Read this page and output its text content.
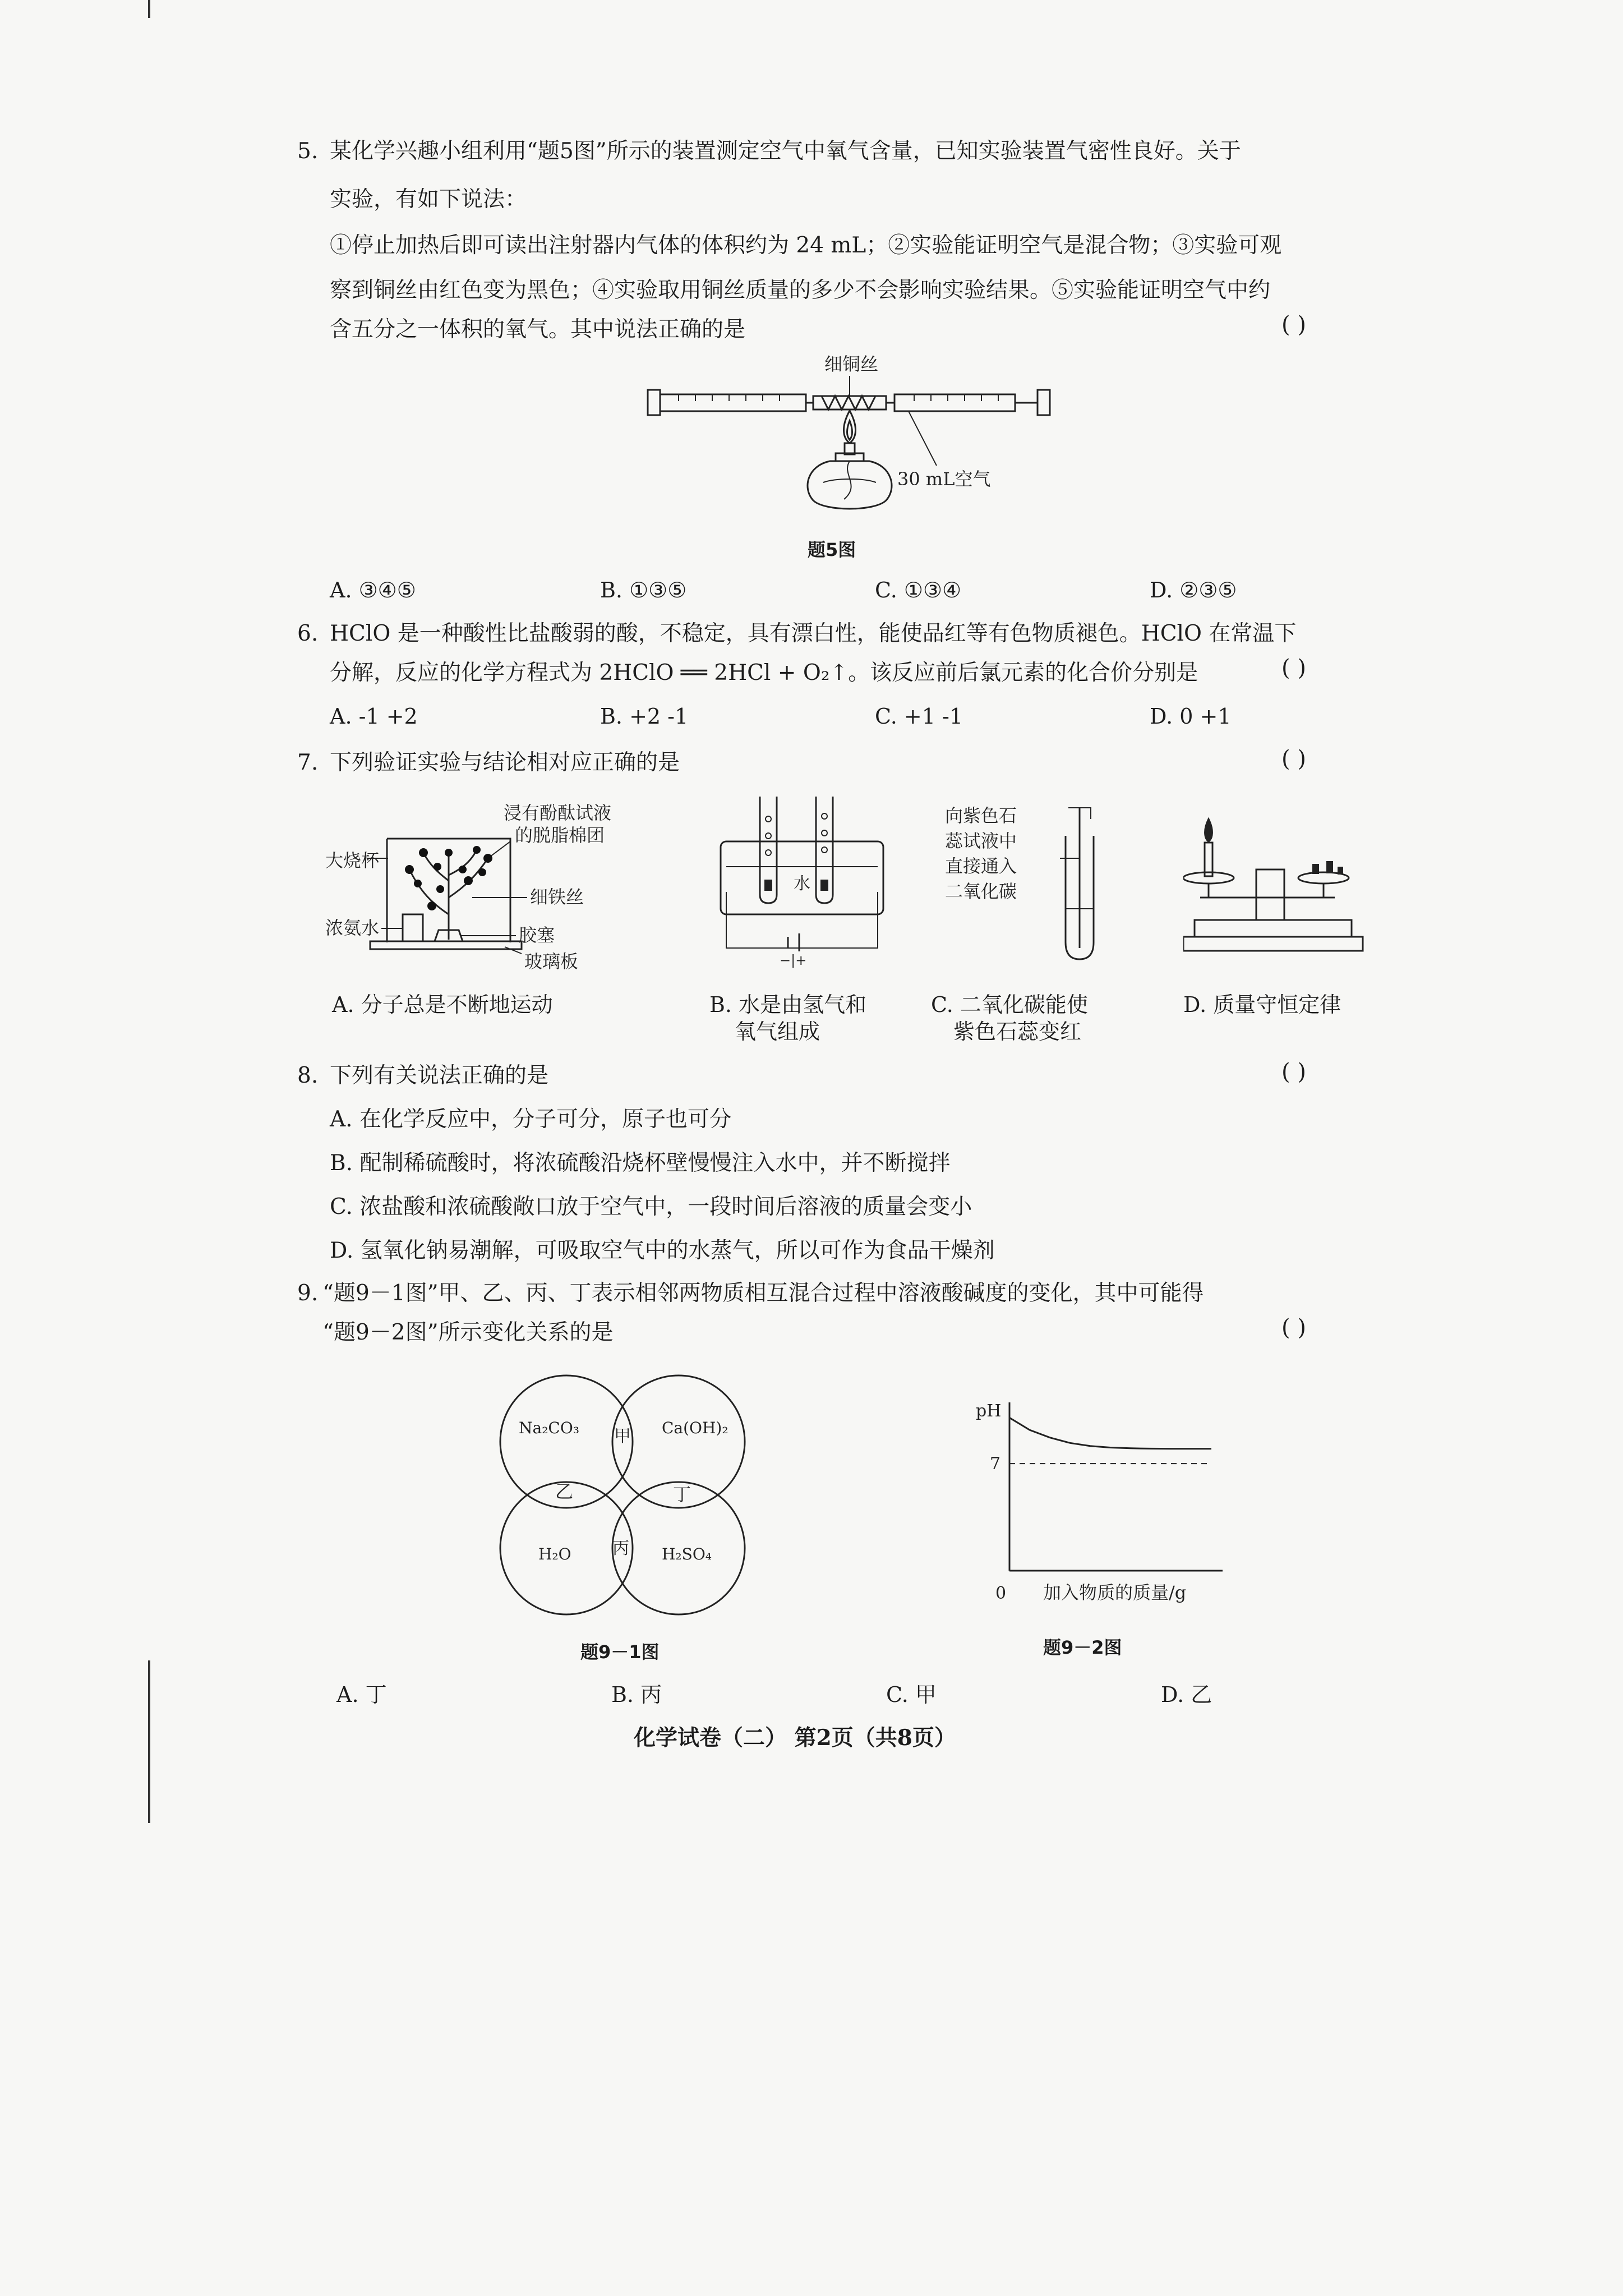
5. 某化学兴趣小组利用“题5图”所示的装置测定空气中氧气含量，已知实验装置气密性良好。关于
实验，有如下说法：
①停止加热后即可读出注射器内气体的体积约为 24 mL；②实验能证明空气是混合物；③实验可观
察到铜丝由红色变为黑色；④实验取用铜丝质量的多少不会影响实验结果。⑤实验能证明空气中约
含五分之一体积的氧气。其中说法正确的是	( )
细铜丝
30 mL空气
题5图
A. ③④⑤	B. ①③⑤	C. ①③④	D. ②③⑤
6. HClO 是一种酸性比盐酸弱的酸，不稳定，具有漂白性，能使品红等有色物质褪色。HClO 在常温下
分解，反应的化学方程式为 2HClO ══ 2HCl + O₂↑。该反应前后氯元素的化合价分别是	( )
A. -1 +2	B. +2 -1	C. +1 -1	D. 0 +1
7. 下列验证实验与结论相对应正确的是	( )
浸有酚酞试液
的脱脂棉团
大烧杯
细铁丝
浓氨水	胶塞
玻璃板
水
−|+
向紫色石
蕊试液中
直接通入
二氧化碳
A. 分子总是不断地运动	B. 水是由氢气和
氧气组成
C. 二氧化碳能使
紫色石蕊变红
D. 质量守恒定律
8. 下列有关说法正确的是	( )
A. 在化学反应中，分子可分，原子也可分
B. 配制稀硫酸时，将浓硫酸沿烧杯壁慢慢注入水中，并不断搅拌
C. 浓盐酸和浓硫酸敞口放于空气中，一段时间后溶液的质量会变小
D. 氢氧化钠易潮解，可吸取空气中的水蒸气，所以可作为食品干燥剂
9. “题9－1图”甲、乙、丙、丁表示相邻两物质相互混合过程中溶液酸碱度的变化，其中可能得
“题9－2图”所示变化关系的是	( )
Na₂CO₃	Ca(OH)₂
H₂O	H₂SO₄
甲
乙	丁
丙
题9－1图
pH
7
0 加入物质的质量/g
题9－2图
A. 丁	B. 丙	C. 甲	D. 乙
化学试卷（二） 第2页（共8页）
